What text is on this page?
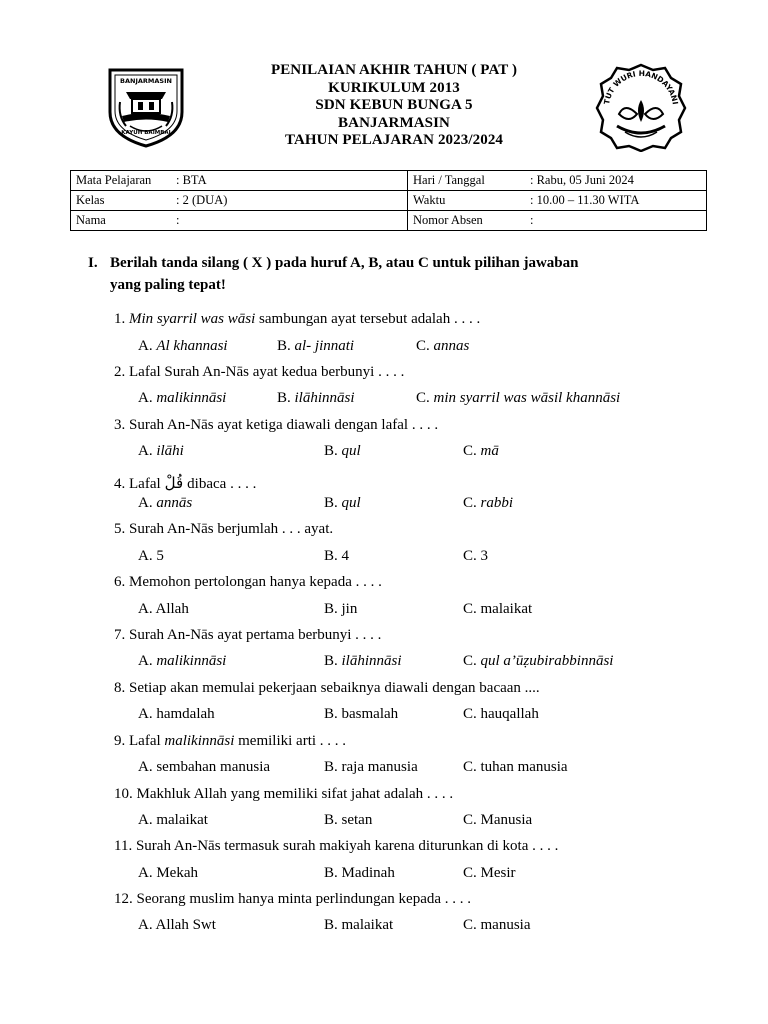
BANJARMASIN
KAYUH BAIMBAI
PENILAIAN AKHIR TAHUN ( PAT )
KURIKULUM 2013
SDN KEBUN BUNGA 5
BANJARMASIN
TAHUN PELAJARAN 2023/2024
TUT WURI HANDAYANI
Mata Pelajaran : BTA	Hari / Tanggal : Rabu, 05 Juni 2024
Kelas : 2 (DUA)	Waktu : 10.00 – 11.30 WITA
Nama :	Nomor Absen :
I. Berilah tanda silang ( X ) pada huruf A, B, atau C untuk pilihan jawaban
yang paling tepat!
1. Min syarril was wāsi sambungan ayat tersebut adalah . . . .
A. Al khannasi	B. al- jinnati	C. annas
2. Lafal Surah An-Nās ayat kedua berbunyi . . . .
A. malikinnāsi	B. ilāhinnāsi	C. min syarril was wāsil khannāsi
3. Surah An-Nās ayat ketiga diawali dengan lafal . . . .
A. ilāhi	B. qul	C. mā
4. Lafal قُلْ dibaca . . . .
A. annās	B. qul	C. rabbi
5. Surah An-Nās berjumlah . . . ayat.
A. 5	B. 4	C. 3
6. Memohon pertolongan hanya kepada . . . .
A. Allah	B. jin	C. malaikat
7. Surah An-Nās ayat pertama berbunyi . . . .
A. malikinnāsi	B. ilāhinnāsi	C. qul a’ūẓubirabbinnāsi
8. Setiap akan memulai pekerjaan sebaiknya diawali dengan bacaan ....
A. hamdalah	B. basmalah	C. hauqallah
9. Lafal malikinnāsi memiliki arti . . . .
A. sembahan manusia	B. raja manusia	C. tuhan manusia
10. Makhluk Allah yang memiliki sifat jahat adalah . . . .
A. malaikat	B. setan	C. Manusia
11. Surah An-Nās termasuk surah makiyah karena diturunkan di kota . . . .
A. Mekah	B. Madinah	C. Mesir
12. Seorang muslim hanya minta perlindungan kepada . . . .
A. Allah Swt	B. malaikat	C. manusia
